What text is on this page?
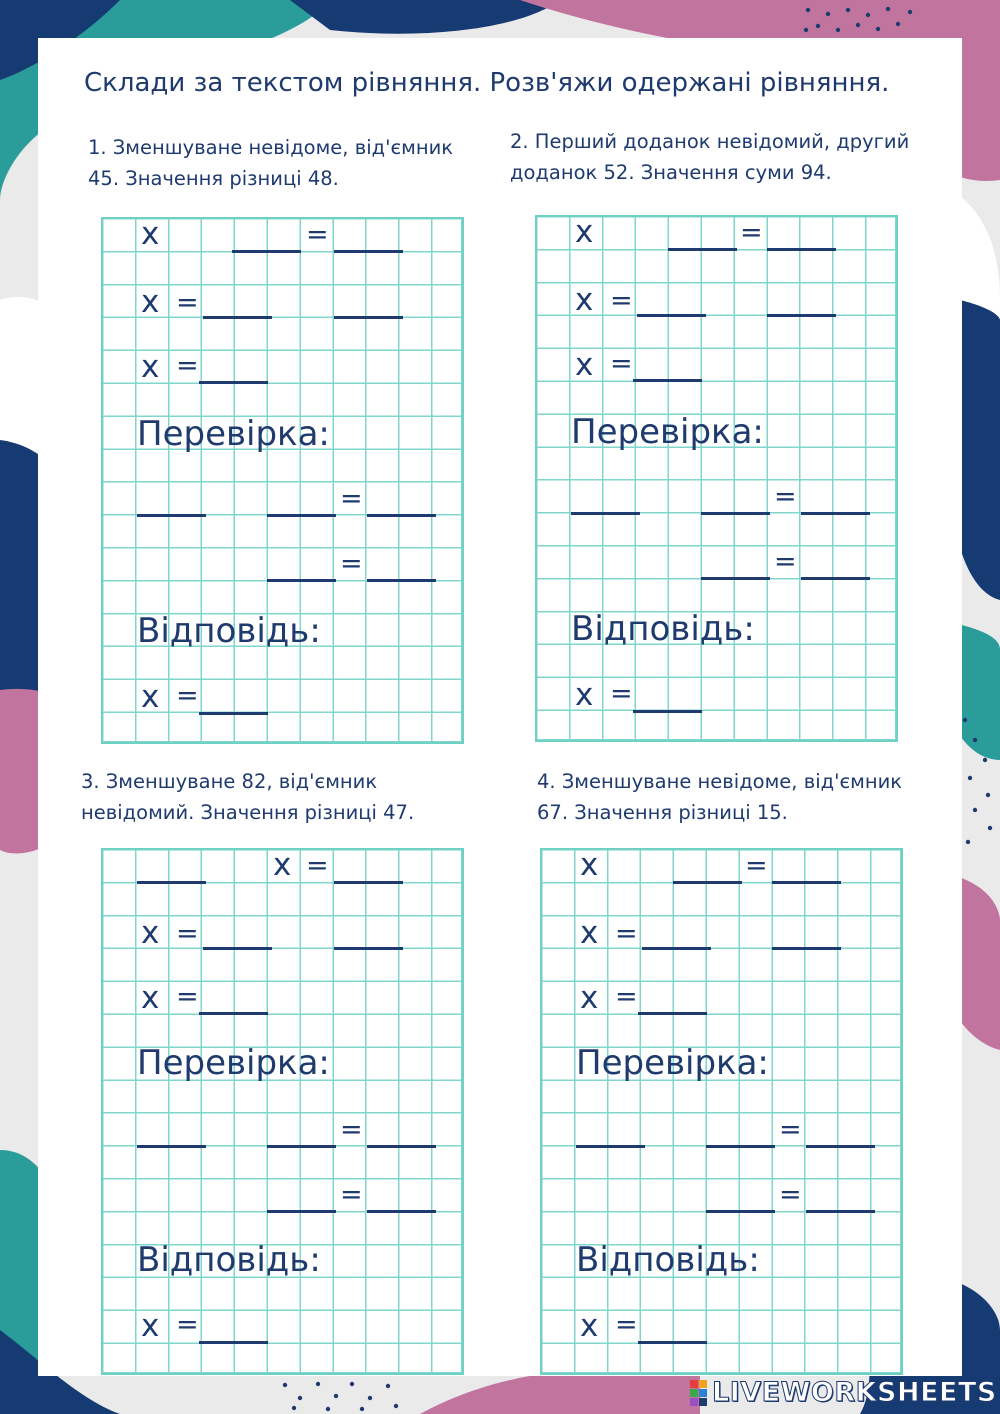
Склади за текстом рівняння. Розв'яжи одержані рівняння.

1. Зменшуване невідоме, від'ємник
45. Значення різниці 48.

2. Перший доданок невідомий, другий
доданок 52. Значення суми 94.

3. Зменшуване 82, від'ємник
невідомий. Значення різниці 47.

4. Зменшуване невідоме, від'ємник
67. Значення різниці 15.

x	=
x =
x =
Перевірка:
=
=
Відповідь:
x =
x	=
x =
x =
Перевірка:
=
=
Відповідь:
x =
x =
x =
x =
Перевірка:
=
=
Відповідь:
x =
x	=
x =
x =
Перевірка:
=
=
Відповідь:
x =
LIVEWORKSHEETS
